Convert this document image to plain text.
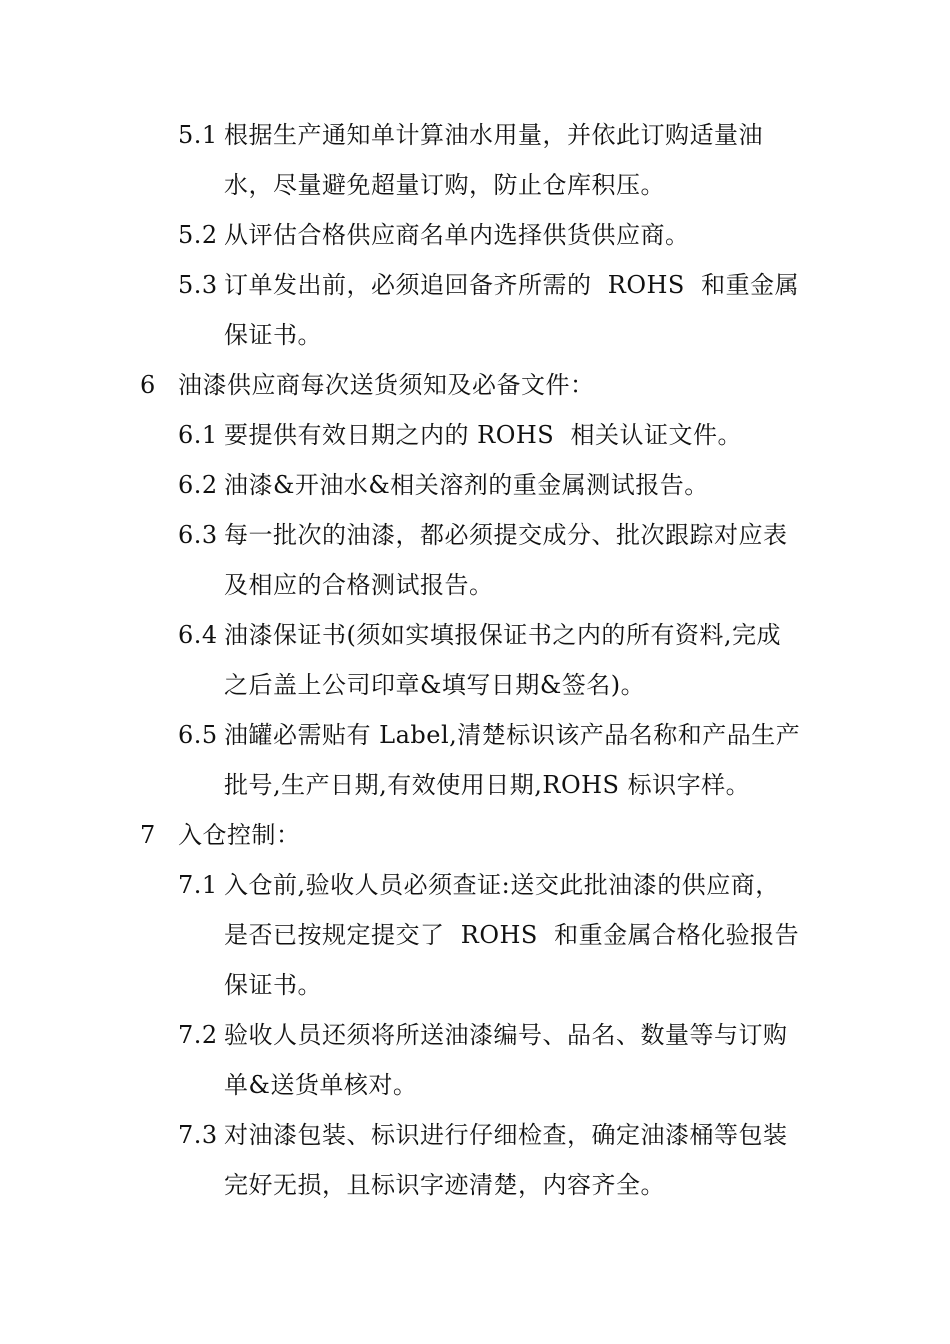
5.1 根据生产通知单计算油水用量，并依此订购适量油
水，尽量避免超量订购，防止仓库积压。
5.2 从评估合格供应商名单内选择供货供应商。
5.3 订单发出前，必须追回备齐所需的  ROHS  和重金属
保证书。
6 油漆供应商每次送货须知及必备文件：
6.1 要提供有效日期之内的 ROHS  相关认证文件。
6.2 油漆&开油水&相关溶剂的重金属测试报告。
6.3 每一批次的油漆，都必须提交成分、批次跟踪对应表
及相应的合格测试报告。
6.4 油漆保证书(须如实填报保证书之内的所有资料,完成
之后盖上公司印章&填写日期&签名)。
6.5 油罐必需贴有 Label,清楚标识该产品名称和产品生产
批号,生产日期,有效使用日期,ROHS 标识字样。
7 入仓控制：
7.1 入仓前,验收人员必须查证:送交此批油漆的供应商，
是否已按规定提交了  ROHS  和重金属合格化验报告
保证书。
7.2 验收人员还须将所送油漆编号、品名、数量等与订购
单&送货单核对。
7.3 对油漆包装、标识进行仔细检查，确定油漆桶等包装
完好无损，且标识字迹清楚，内容齐全。
